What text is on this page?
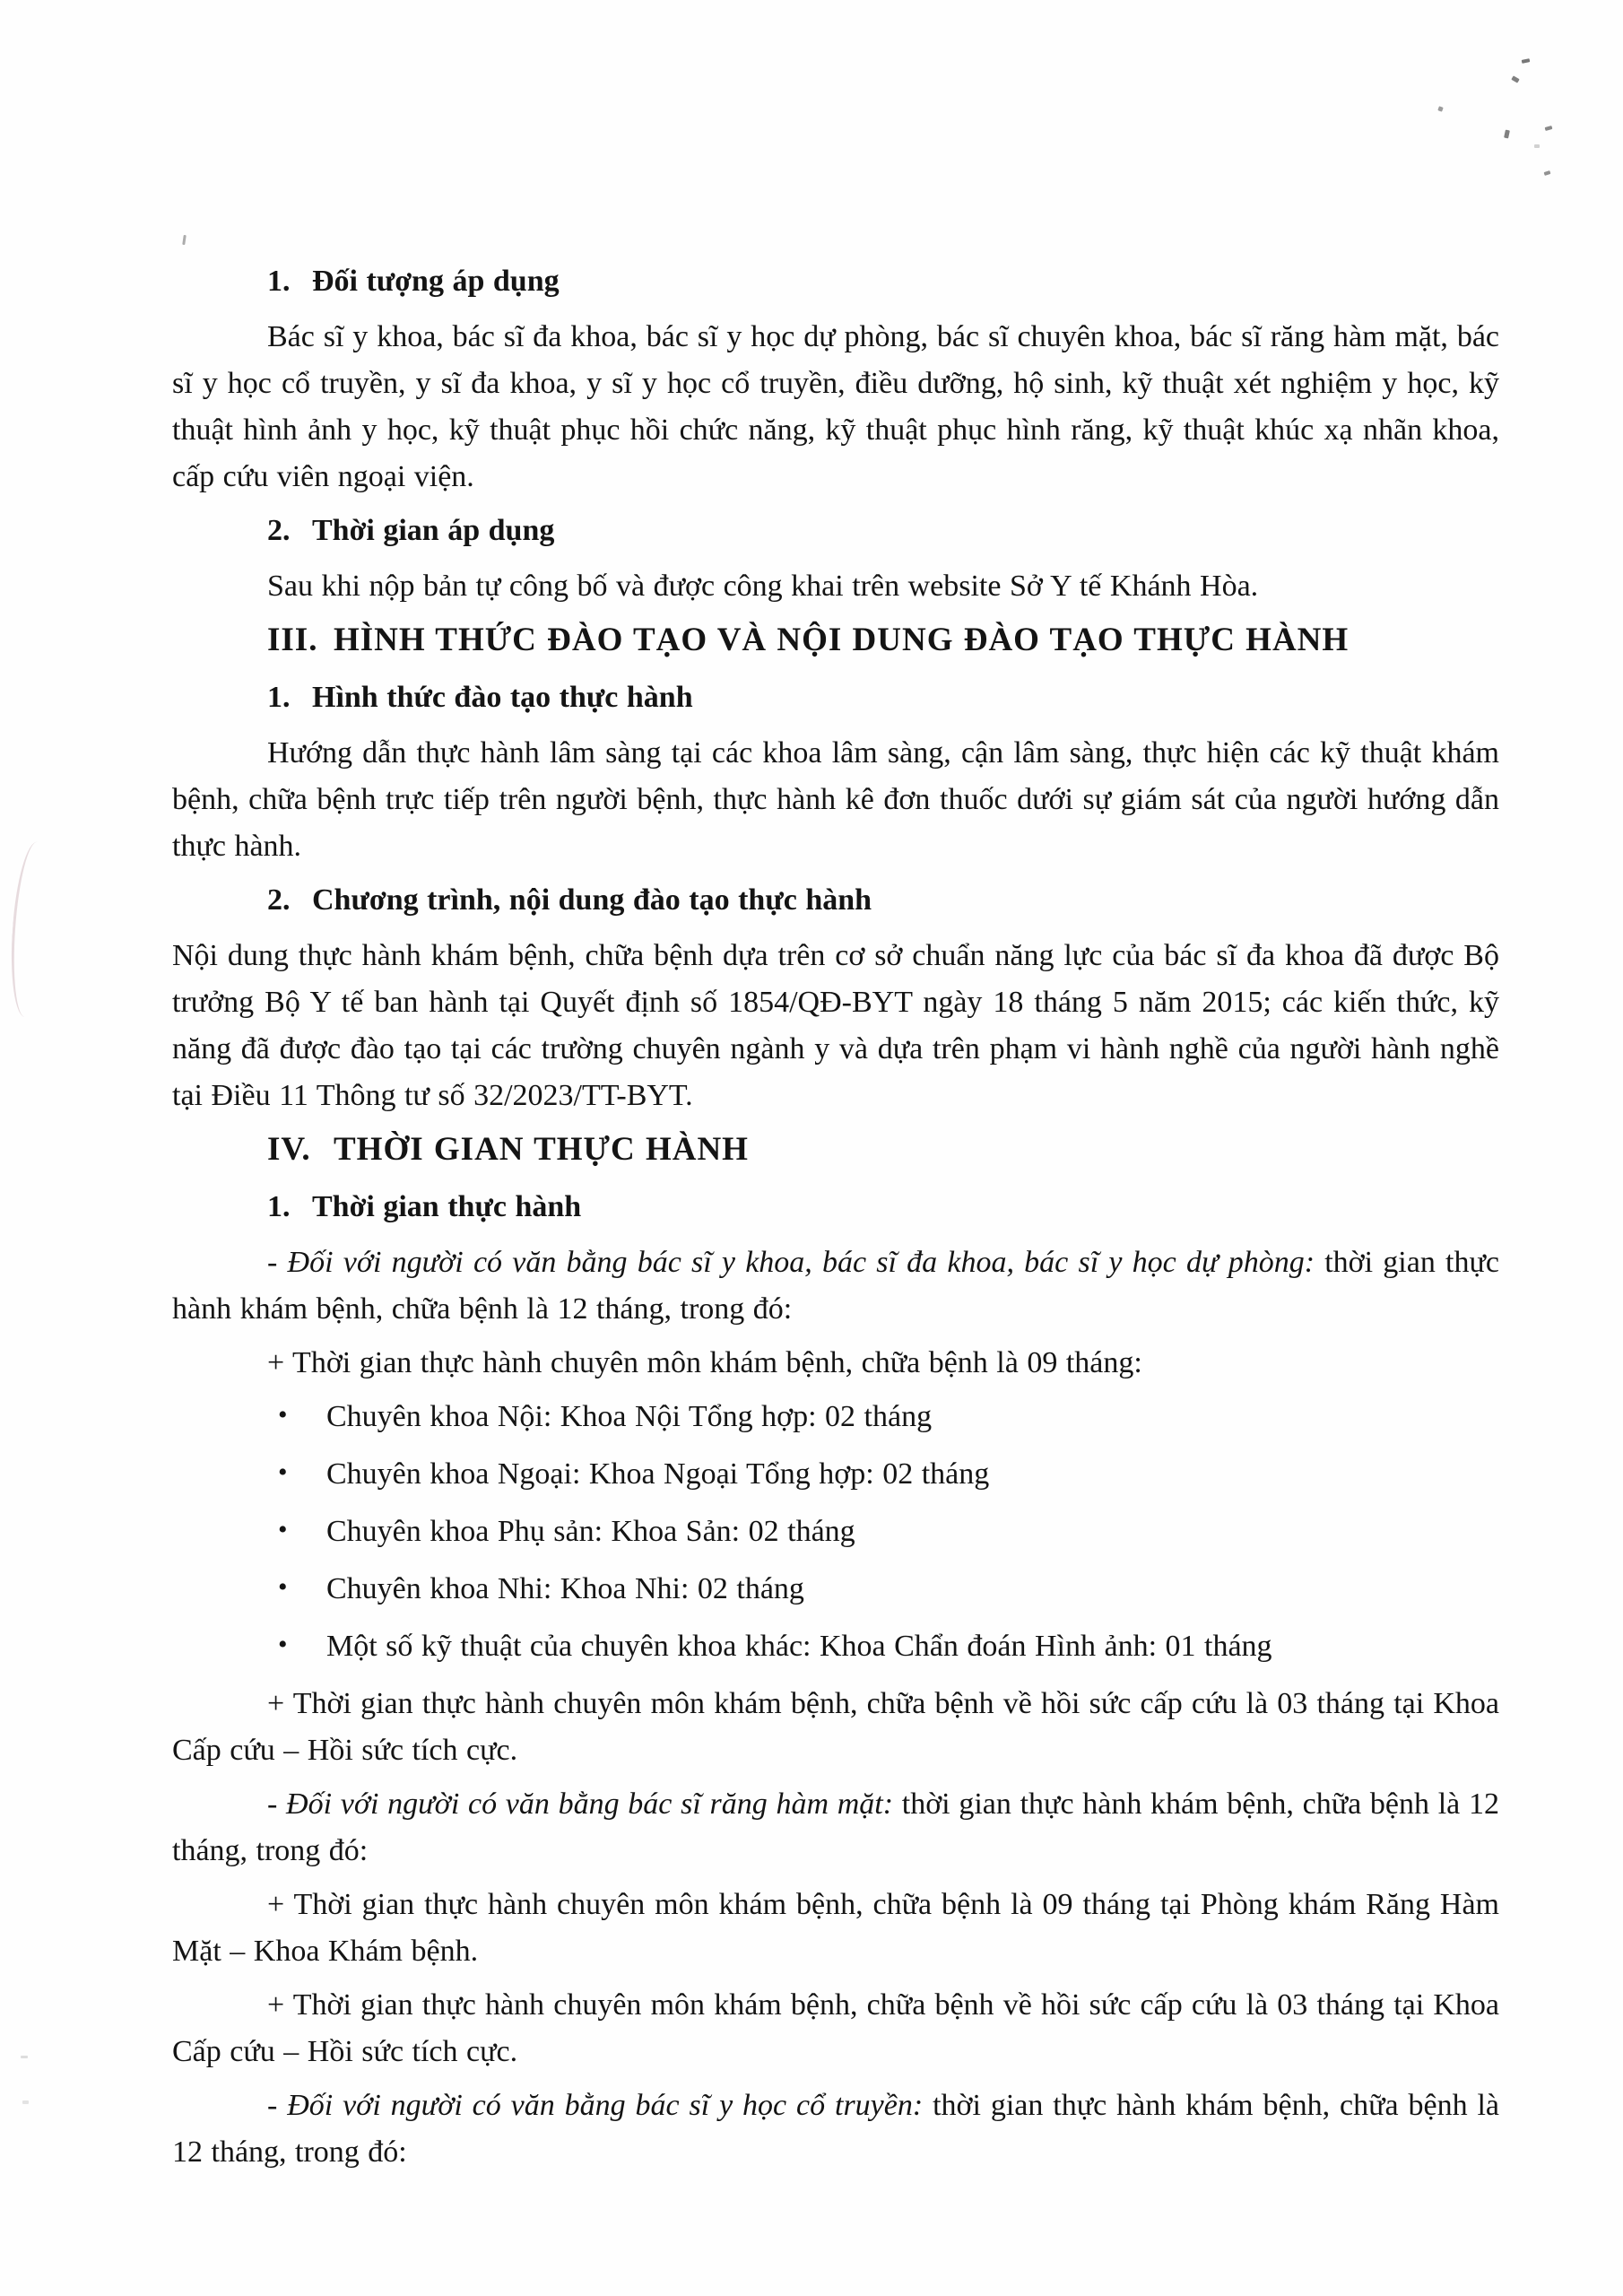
1. Đối tượng áp dụng
Bác sĩ y khoa, bác sĩ đa khoa, bác sĩ y học dự phòng, bác sĩ chuyên khoa, bác sĩ răng hàm mặt, bác sĩ y học cổ truyền, y sĩ đa khoa, y sĩ y học cổ truyền, điều dưỡng, hộ sinh, kỹ thuật xét nghiệm y học, kỹ thuật hình ảnh y học, kỹ thuật phục hồi chức năng, kỹ thuật phục hình răng, kỹ thuật khúc xạ nhãn khoa, cấp cứu viên ngoại viện.
2. Thời gian áp dụng
Sau khi nộp bản tự công bố và được công khai trên website Sở Y tế Khánh Hòa.
III. HÌNH THỨC ĐÀO TẠO VÀ NỘI DUNG ĐÀO TẠO THỰC HÀNH
1. Hình thức đào tạo thực hành
Hướng dẫn thực hành lâm sàng tại các khoa lâm sàng, cận lâm sàng, thực hiện các kỹ thuật khám bệnh, chữa bệnh trực tiếp trên người bệnh, thực hành kê đơn thuốc dưới sự giám sát của người hướng dẫn thực hành.
2. Chương trình, nội dung đào tạo thực hành
Nội dung thực hành khám bệnh, chữa bệnh dựa trên cơ sở chuẩn năng lực của bác sĩ đa khoa đã được Bộ trưởng Bộ Y tế ban hành tại Quyết định số 1854/QĐ-BYT ngày 18 tháng 5 năm 2015; các kiến thức, kỹ năng đã được đào tạo tại các trường chuyên ngành y và dựa trên phạm vi hành nghề của người hành nghề tại Điều 11 Thông tư số 32/2023/TT-BYT.
IV. THỜI GIAN THỰC HÀNH
1. Thời gian thực hành
- Đối với người có văn bằng bác sĩ y khoa, bác sĩ đa khoa, bác sĩ y học dự phòng: thời gian thực hành khám bệnh, chữa bệnh là 12 tháng, trong đó:
+ Thời gian thực hành chuyên môn khám bệnh, chữa bệnh là 09 tháng:
• Chuyên khoa Nội: Khoa Nội Tổng hợp: 02 tháng
• Chuyên khoa Ngoại: Khoa Ngoại Tổng hợp: 02 tháng
• Chuyên khoa Phụ sản: Khoa Sản: 02 tháng
• Chuyên khoa Nhi: Khoa Nhi: 02 tháng
• Một số kỹ thuật của chuyên khoa khác: Khoa Chẩn đoán Hình ảnh: 01 tháng
+ Thời gian thực hành chuyên môn khám bệnh, chữa bệnh về hồi sức cấp cứu là 03 tháng tại Khoa Cấp cứu – Hồi sức tích cực.
- Đối với người có văn bằng bác sĩ răng hàm mặt: thời gian thực hành khám bệnh, chữa bệnh là 12 tháng, trong đó:
+ Thời gian thực hành chuyên môn khám bệnh, chữa bệnh là 09 tháng tại Phòng khám Răng Hàm Mặt – Khoa Khám bệnh.
+ Thời gian thực hành chuyên môn khám bệnh, chữa bệnh về hồi sức cấp cứu là 03 tháng tại Khoa Cấp cứu – Hồi sức tích cực.
- Đối với người có văn bằng bác sĩ y học cổ truyền: thời gian thực hành khám bệnh, chữa bệnh là 12 tháng, trong đó:
